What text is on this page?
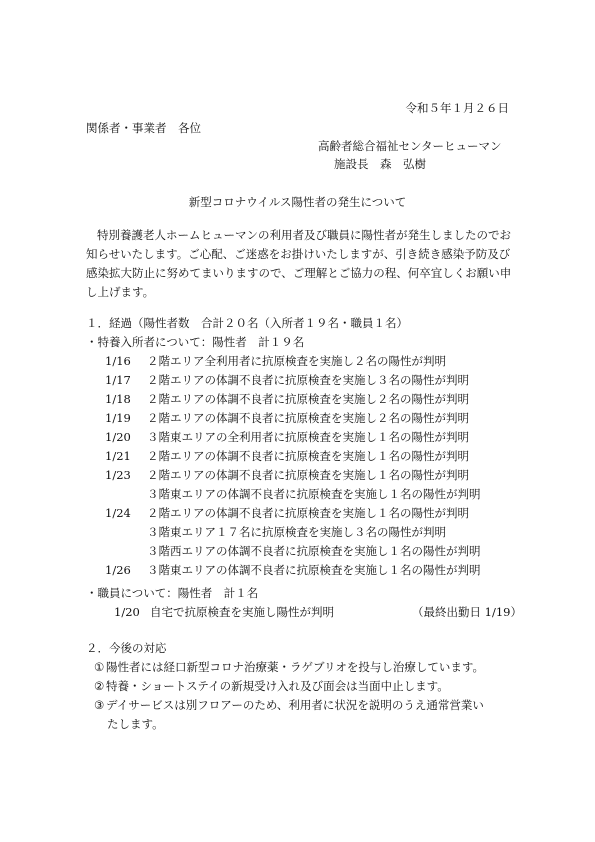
令和５年１月２６日
関係者・事業者　各位
高齢者総合福祉センターヒューマン
施設長　 森　弘樹
新型コロナウイルス陽性者の発生について
特別養護老人ホームヒューマンの利用者及び職員に陽性者が発生しましたのでお知らせいたします。ご心配、ご迷惑をお掛けいたしますが、引き続き感染予防及び感染拡大防止に努めてまいりますので、ご理解とご協力の程、何卒宜しくお願い申し上げます。
１．経過（陽性者数　合計２０名（入所者１９名・職員１名）
・特養入所者について：陽性者　計１９名
1/16 ２階エリア全利用者に抗原検査を実施し２名の陽性が判明
1/17 ２階エリアの体調不良者に抗原検査を実施し３名の陽性が判明
1/18 ２階エリアの体調不良者に抗原検査を実施し２名の陽性が判明
1/19 ２階エリアの体調不良者に抗原検査を実施し２名の陽性が判明
1/20 ３階東エリアの全利用者に抗原検査を実施し１名の陽性が判明
1/21 ２階エリアの体調不良者に抗原検査を実施し１名の陽性が判明
1/23 ２階エリアの体調不良者に抗原検査を実施し１名の陽性が判明
３階東エリアの体調不良者に抗原検査を実施し１名の陽性が判明
1/24 ２階エリアの体調不良者に抗原検査を実施し１名の陽性が判明
３階東エリア１７名に抗原検査を実施し３名の陽性が判明
３階西エリアの体調不良者に抗原検査を実施し１名の陽性が判明
1/26 ３階東エリアの体調不良者に抗原検査を実施し１名の陽性が判明
・職員について：陽性者　計１名
1/20 自宅で抗原検査を実施し陽性が判明	（最終出勤日 1/19）
２．今後の対応
① 陽性者には経口新型コロナ治療薬・ラゲブリオを投与し治療しています。
② 特養・ショートステイの新規受け入れ及び面会は当面中止します。
③ デイサービスは別フロアーのため、利用者に状況を説明のうえ通常営業い
たします。
